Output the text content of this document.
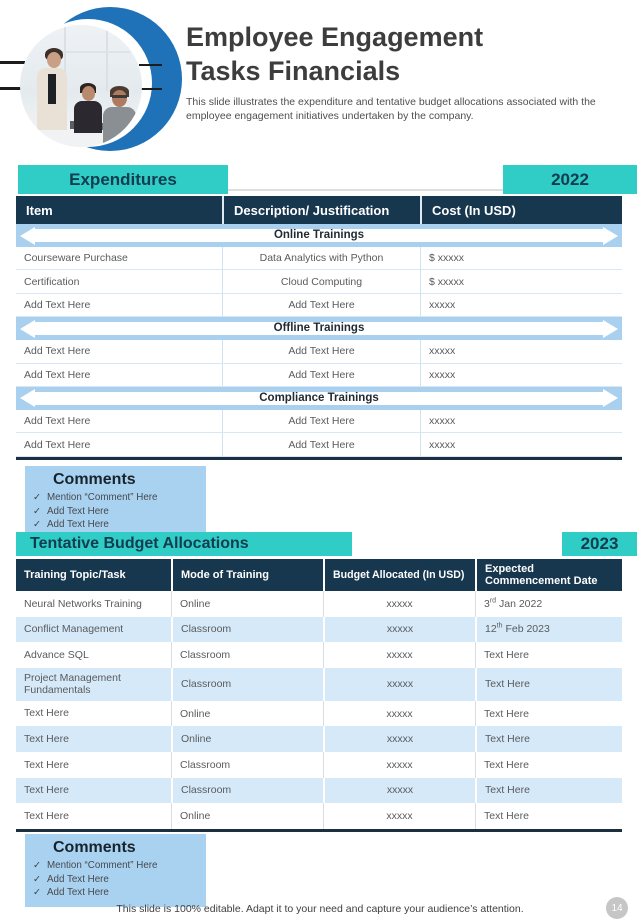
Employee Engagement Tasks Financials
This slide illustrates the expenditure and tentative budget allocations associated with the employee engagement initiatives undertaken by the company.
Expenditures	2022
Item	Description/ Justification	Cost (In USD)
Online Trainings
Courseware Purchase	Data Analytics with Python	$ xxxxx
Certification	Cloud Computing	$ xxxxx
Add Text Here	Add Text Here	xxxxx
Offline Trainings
Add Text Here	Add Text Here	xxxxx
Add Text Here	Add Text Here	xxxxx
Compliance Trainings
Add Text Here	Add Text Here	xxxxx
Add Text Here	Add Text Here	xxxxx
Comments
✓ Mention “Comment” Here
✓ Add Text Here
✓ Add Text Here
Tentative Budget Allocations	2023
Training Topic/Task	Mode of Training	Budget Allocated (In USD)
Expected
Commencement Date
Neural Networks Training	Online	xxxxx	3rd Jan 2022
Conflict Management	Classroom	xxxxx	12th Feb 2023
Advance SQL	Classroom	xxxxx	Text Here
Project Management Fundamentals	Classroom	xxxxx	Text Here
Text Here	Online	xxxxx	Text Here
Text Here	Online	xxxxx	Text Here
Text Here	Classroom	xxxxx	Text Here
Text Here	Classroom	xxxxx	Text Here
Text Here	Online	xxxxx	Text Here
Comments
✓ Mention “Comment” Here
✓ Add Text Here
✓ Add Text Here
This slide is 100% editable. Adapt it to your need and capture your audience’s attention.	14
